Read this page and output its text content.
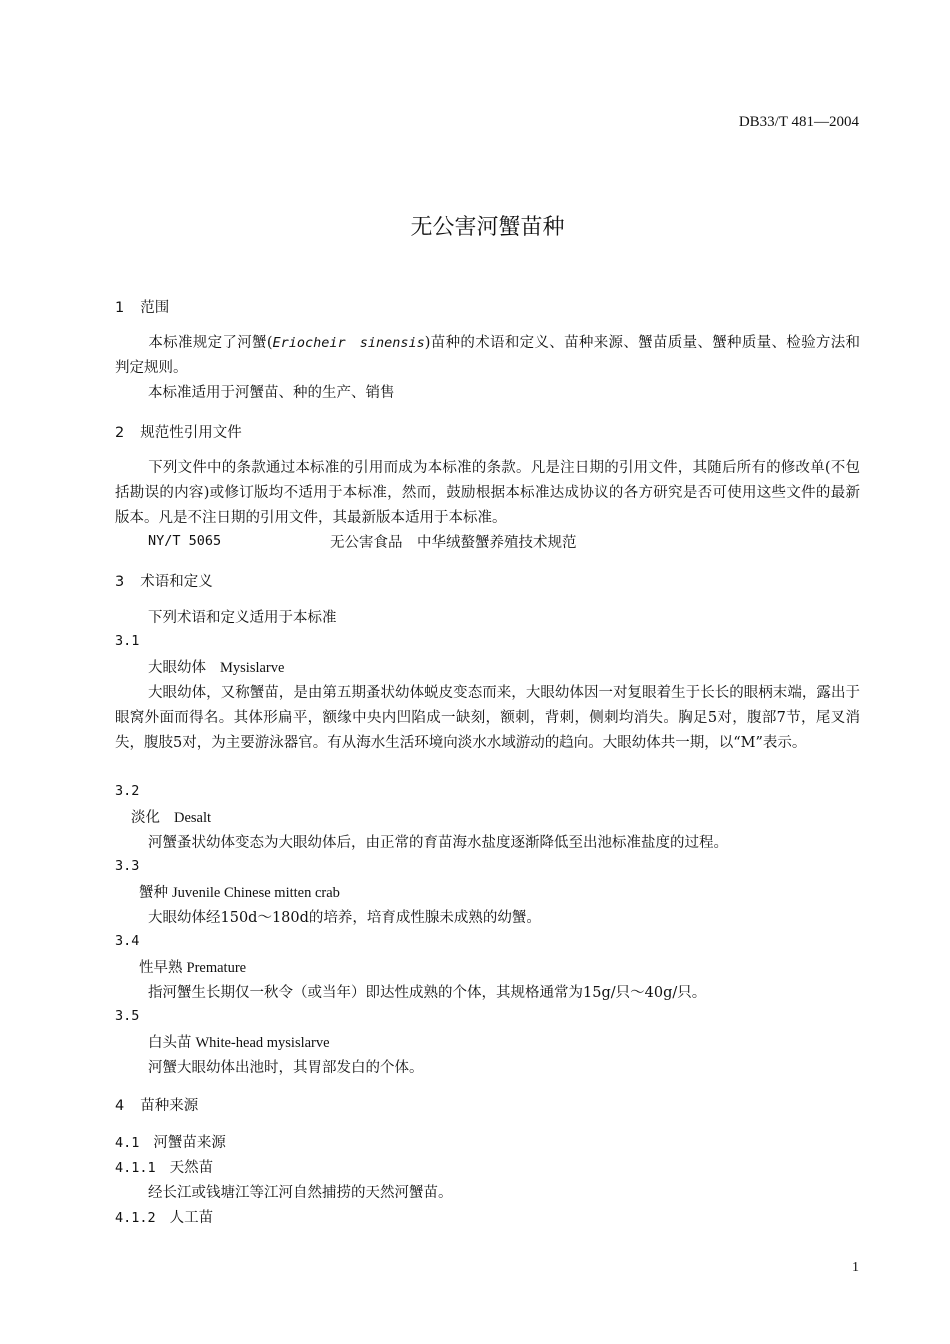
DB33/T 481—2004
无公害河蟹苗种
1 范围
本标准规定了河蟹(Eriocheir　sinensis)苗种的术语和定义、苗种来源、蟹苗质量、蟹种质量、检验方法和判定规则。
本标准适用于河蟹苗、种的生产、销售
2 规范性引用文件
下列文件中的条款通过本标准的引用而成为本标准的条款。凡是注日期的引用文件，其随后所有的修改单(不包括勘误的内容)或修订版均不适用于本标准，然而，鼓励根据本标准达成协议的各方研究是否可使用这些文件的最新版本。凡是不注日期的引用文件，其最新版本适用于本标准。
NY/T 5065	无公害食品　中华绒螯蟹养殖技术规范
3 术语和定义
下列术语和定义适用于本标准
3.1
大眼幼体 Mysislarve
大眼幼体，又称蟹苗，是由第五期蚤状幼体蜕皮变态而来，大眼幼体因一对复眼着生于长长的眼柄末端，露出于眼窝外面而得名。其体形扁平，额缘中央内凹陷成一缺刻，额刺，背刺，侧刺均消失。胸足5对，腹部7节，尾叉消失，腹肢5对，为主要游泳器官。有从海水生活环境向淡水水域游动的趋向。大眼幼体共一期，以“M”表示。
3.2
淡化 Desalt
河蟹蚤状幼体变态为大眼幼体后，由正常的育苗海水盐度逐渐降低至出池标准盐度的过程。
3.3
蟹种 Juvenile Chinese mitten crab
大眼幼体经150d～180d的培养，培育成性腺未成熟的幼蟹。
3.4
性早熟 Premature
指河蟹生长期仅一秋令（或当年）即达性成熟的个体，其规格通常为15g/只～40g/只。
3.5
白头苗 White-head mysislarve
河蟹大眼幼体出池时，其胃部发白的个体。
4 苗种来源
4.1 河蟹苗来源
4.1.1 天然苗
经长江或钱塘江等江河自然捕捞的天然河蟹苗。
4.1.2 人工苗
1
